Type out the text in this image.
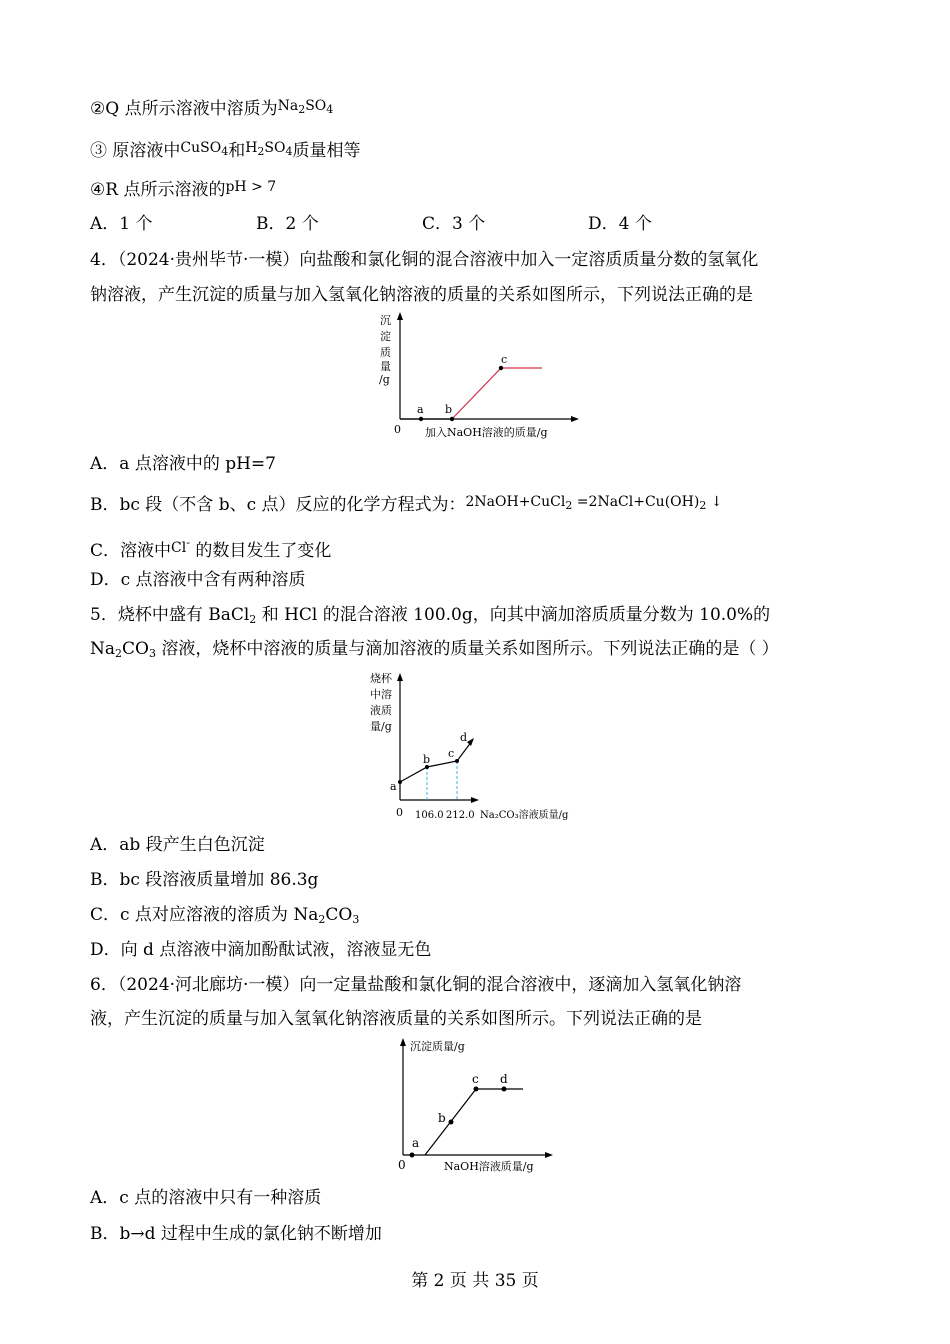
②Q 点所示溶液中溶质为$^{Na_2SO_4}$
③ 原溶液中$^{CuSO_4}$和$^{H_2SO_4}$质量相等
④R 点所示溶液的$^{pH > 7}$
A．1 个	B．2 个	C．3 个	D．4 个
4．（2024·贵州毕节·一模）向盐酸和氯化铜的混合溶液中加入一定溶质质量分数的氢氧化
钠溶液，产生沉淀的质量与加入氢氧化钠溶液的质量的关系如图所示，下列说法正确的是
沉
淀
质
量
/g
a b
c
0 加入NaOH溶液的质量/g
A．a 点溶液中的 pH=7
B．bc 段（不含 b、c 点）反应的化学方程式为：$^{2NaOH+CuCl_2 =2NaCl+Cu(OH)_2 ↓}$
C．溶液中$^{Cl^-}$ 的数目发生了变化
D．c 点溶液中含有两种溶质
5．烧杯中盛有 BaCl$_2$ 和 HCl 的混合溶液 100.0g，向其中滴加溶质质量分数为 10.0%的
$Na_2CO_3$ 溶液，烧杯中溶液的质量与滴加溶液的质量关系如图所示。下列说法正确的是（ ）
烧杯
中溶
液质
量/g
a
b c
d
0 106.0 212.0 Na₂CO₃溶液质量/g
A．ab 段产生白色沉淀
B．bc 段溶液质量增加 86.3g
C．c 点对应溶液的溶质为 $Na_2CO_3$
D．向 d 点溶液中滴加酚酞试液，溶液显无色
6．（2024·河北廊坊·一模）向一定量盐酸和氯化铜的混合溶液中，逐滴加入氢氧化钠溶
液，产生沉淀的质量与加入氢氧化钠溶液质量的关系如图所示。下列说法正确的是
沉淀质量/g
a
b
c d
0	NaOH溶液质量/g
A．c 点的溶液中只有一种溶质
B．b→d 过程中生成的氯化钠不断增加
第 2 页 共 35 页
